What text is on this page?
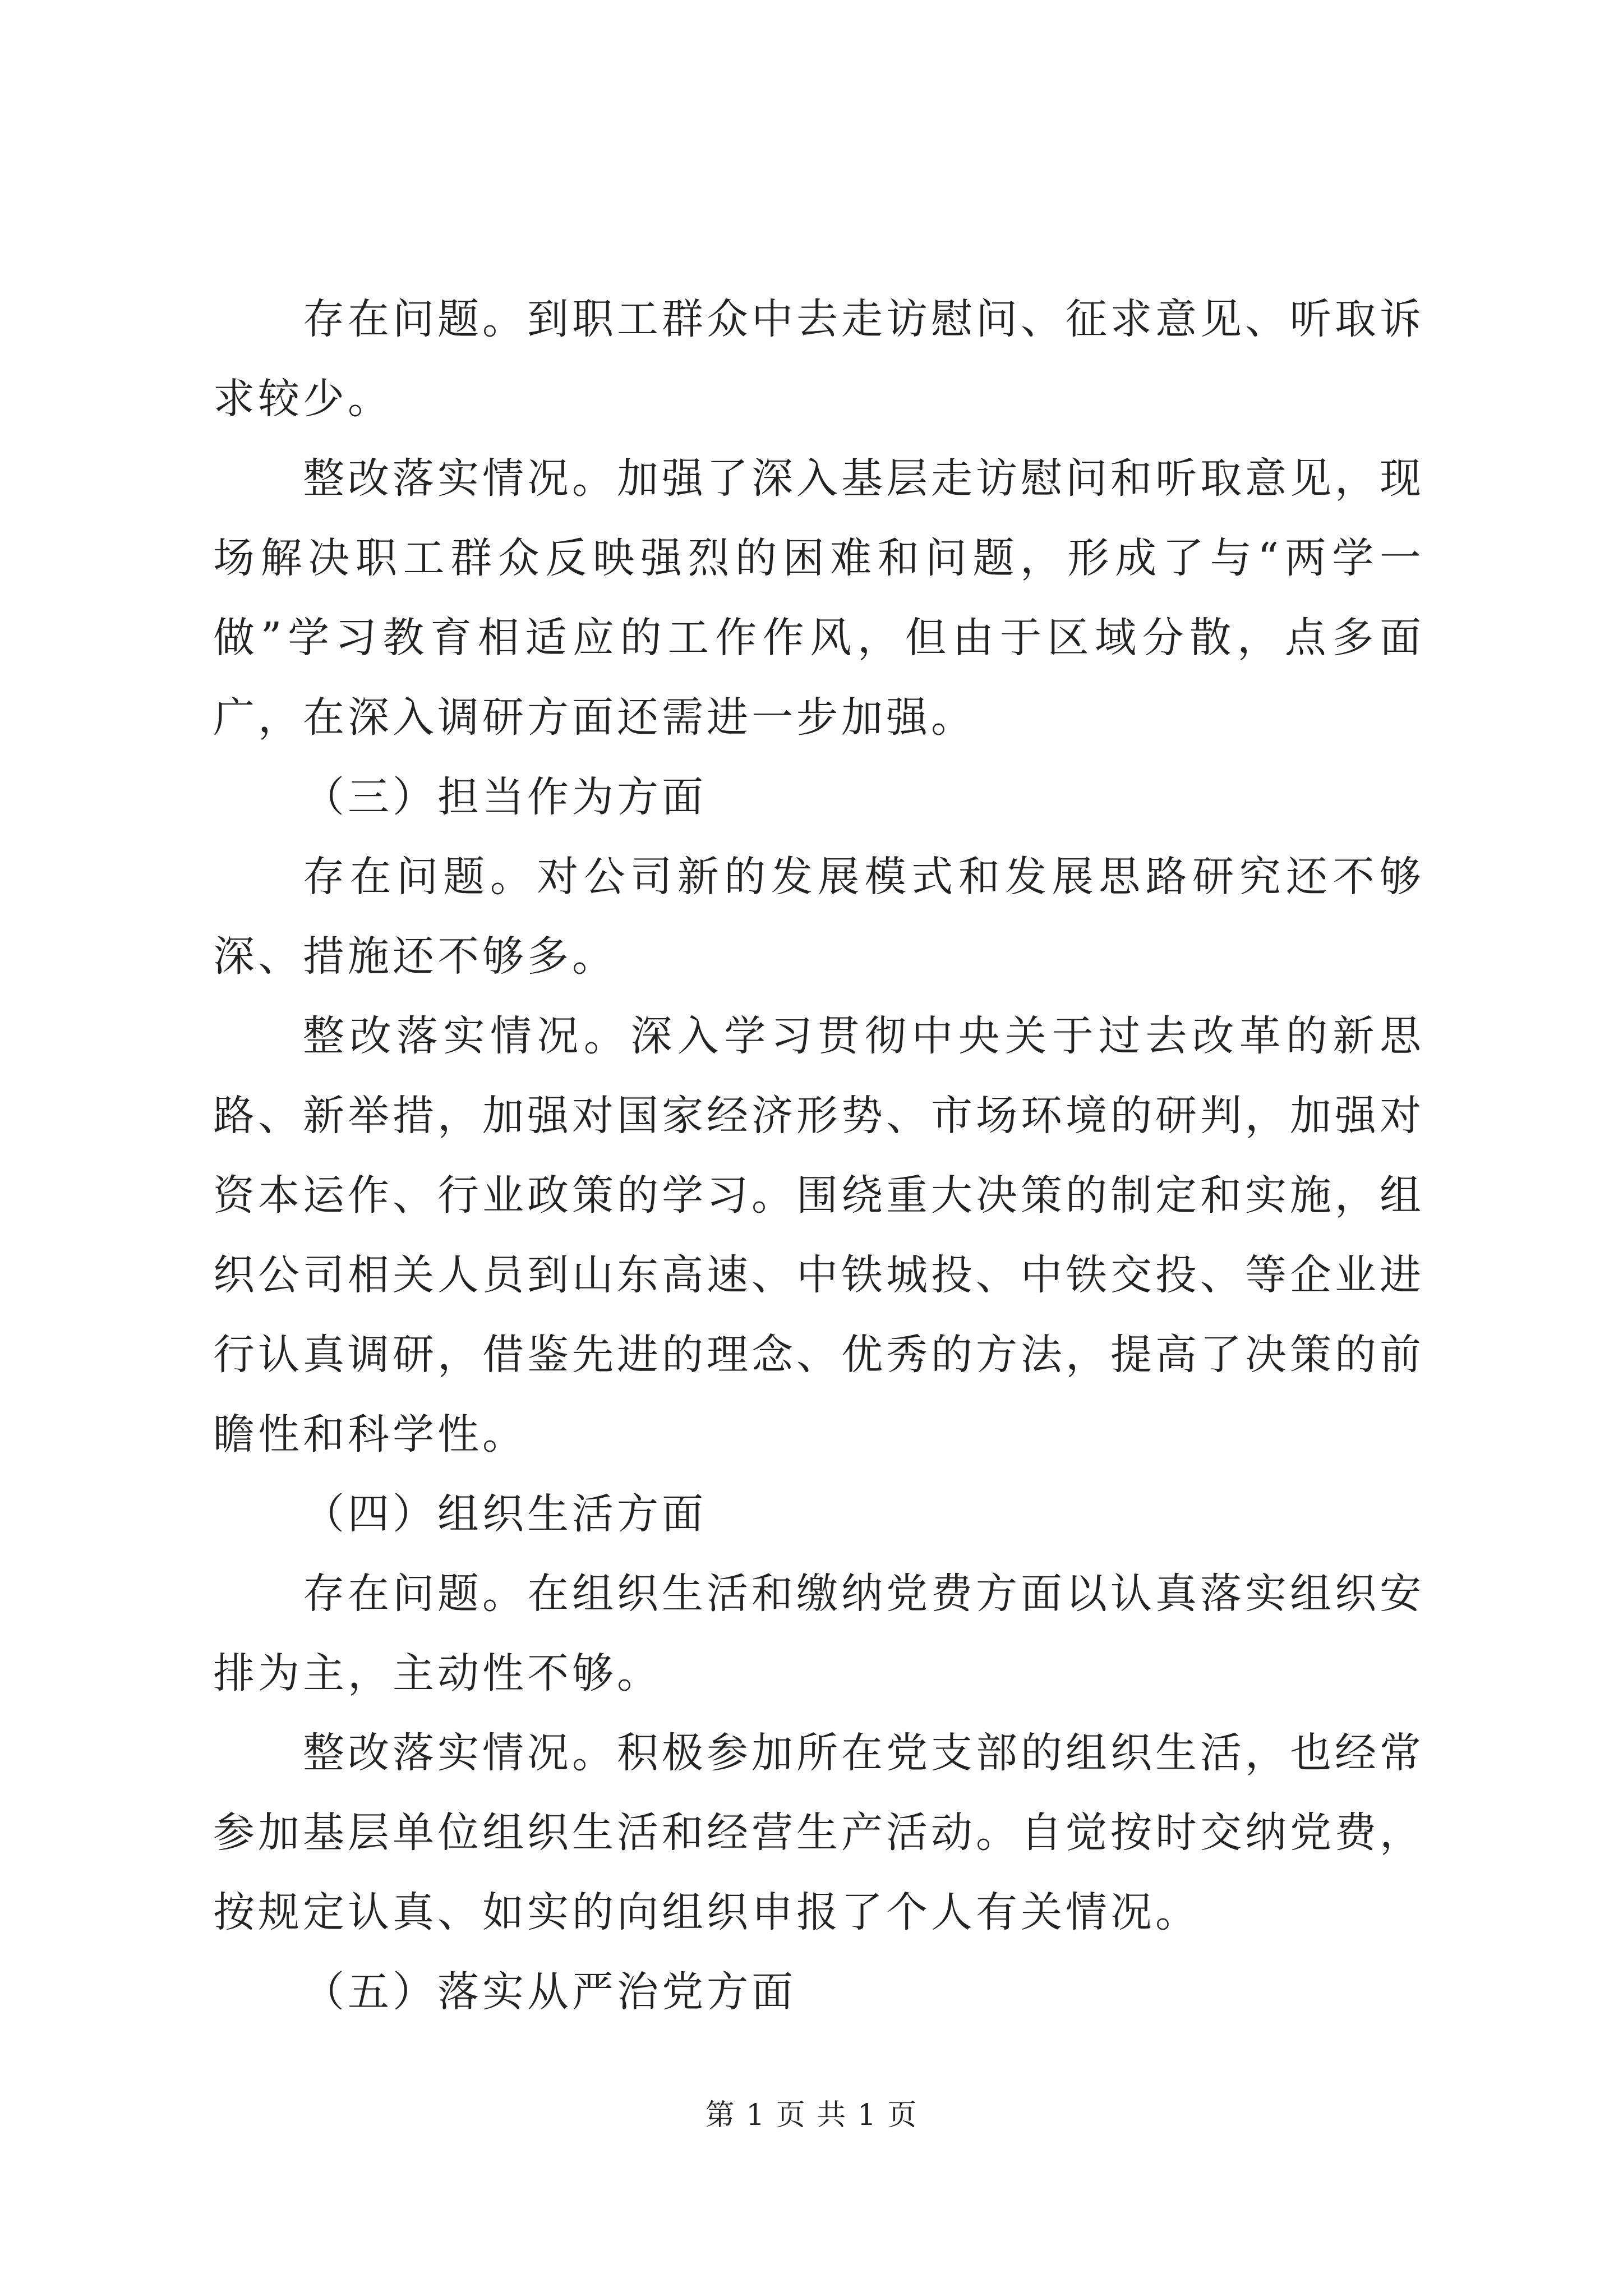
存在问题。到职工群众中去走访慰问、征求意见、听取诉求较少。

整改落实情况。加强了深入基层走访慰问和听取意见，现场解决职工群众反映强烈的困难和问题，形成了与“两学一做”学习教育相适应的工作作风，但由于区域分散，点多面广，在深入调研方面还需进一步加强。

（三）担当作为方面

存在问题。对公司新的发展模式和发展思路研究还不够深、措施还不够多。

整改落实情况。深入学习贯彻中央关于过去改革的新思路、新举措，加强对国家经济形势、市场环境的研判，加强对资本运作、行业政策的学习。围绕重大决策的制定和实施，组织公司相关人员到山东高速、中铁城投、中铁交投、等企业进行认真调研，借鉴先进的理念、优秀的方法，提高了决策的前瞻性和科学性。

（四）组织生活方面

存在问题。在组织生活和缴纳党费方面以认真落实组织安排为主，主动性不够。

整改落实情况。积极参加所在党支部的组织生活，也经常参加基层单位组织生活和经营生产活动。自觉按时交纳党费，按规定认真、如实的向组织申报了个人有关情况。

（五）落实从严治党方面

第 1 页 共 1 页
